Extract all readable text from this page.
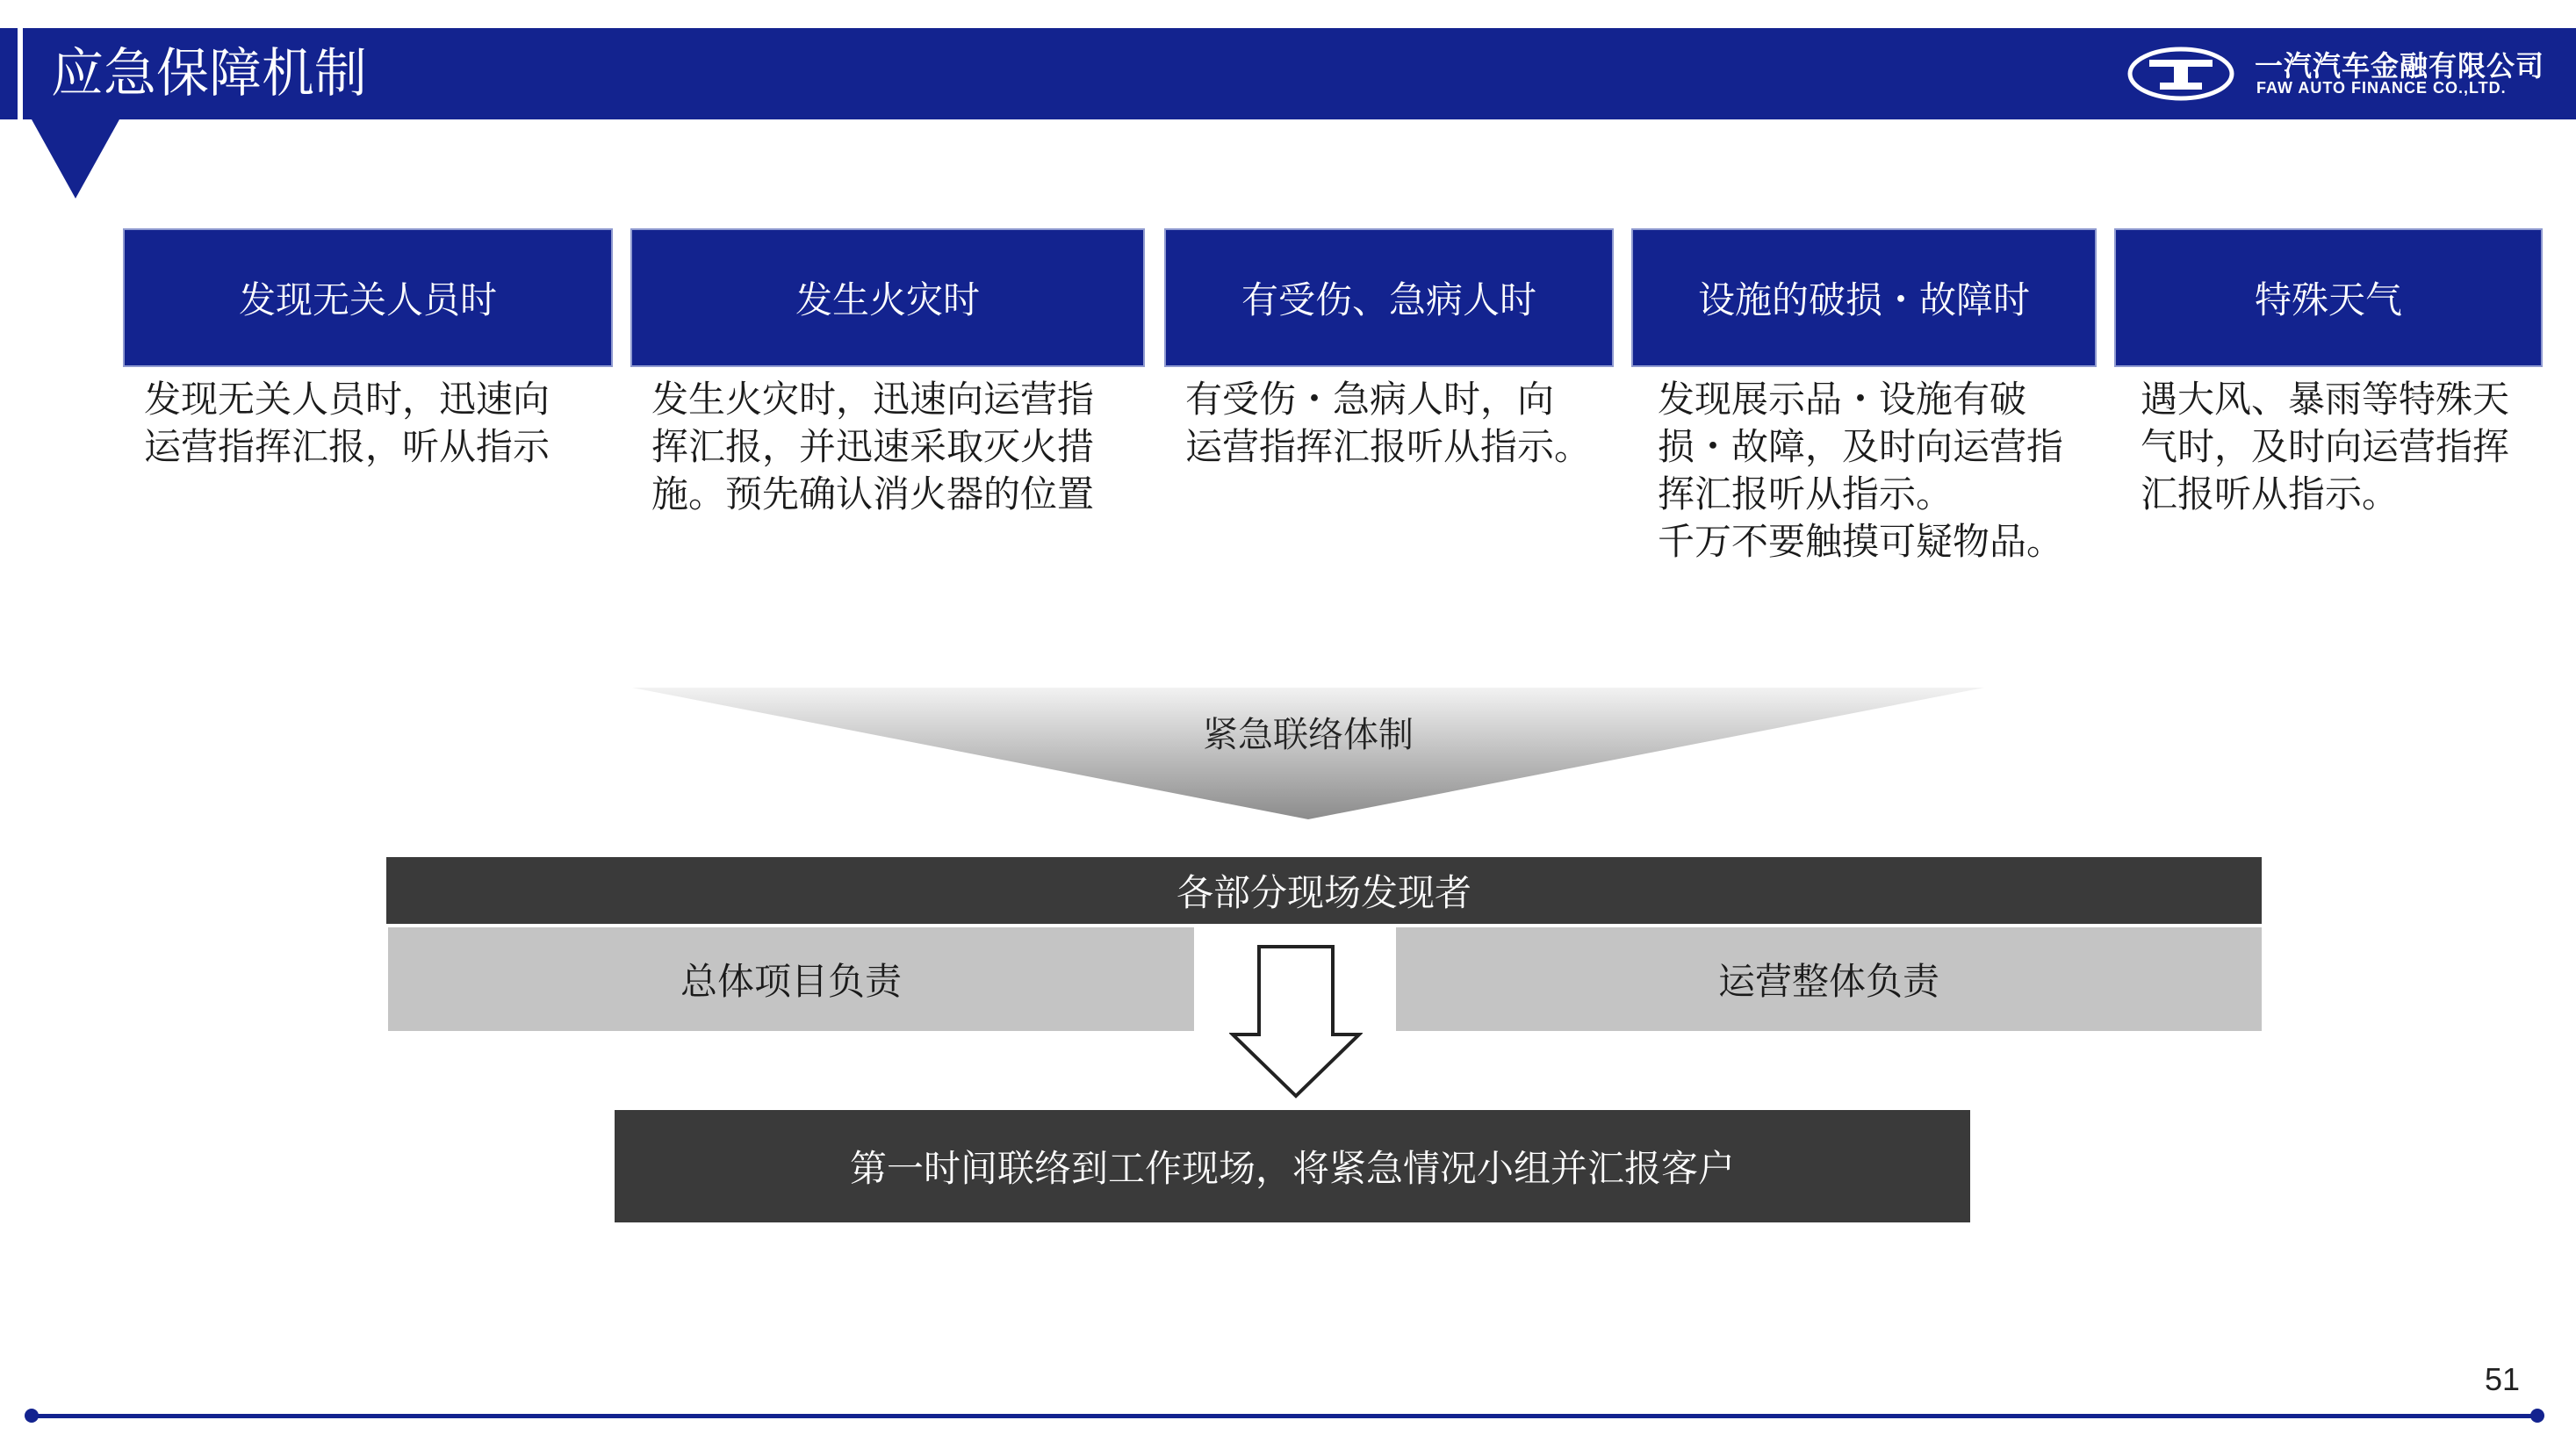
应急保障机制	一汽汽车金融有限公司
FAW AUTO FINANCE CO.,LTD.
发现无关人员时	发生火灾时	有受伤、急病人时	设施的破损・故障时	特殊天气
发现无关人员时，迅速向
运营指挥汇报，听从指示
发生火灾时，迅速向运营指
挥汇报，并迅速采取灭火措
施。预先确认消火器的位置
有受伤・急病人时，向
运营指挥汇报听从指示。
发现展示品・设施有破
损・故障，及时向运营指
挥汇报听从指示。
千万不要触摸可疑物品。
遇大风、暴雨等特殊天
气时，及时向运营指挥
汇报听从指示。
紧急联络体制
各部分现场发现者
总体项目负责	运营整体负责
第一时间联络到工作现场，将紧急情况小组并汇报客户
51
